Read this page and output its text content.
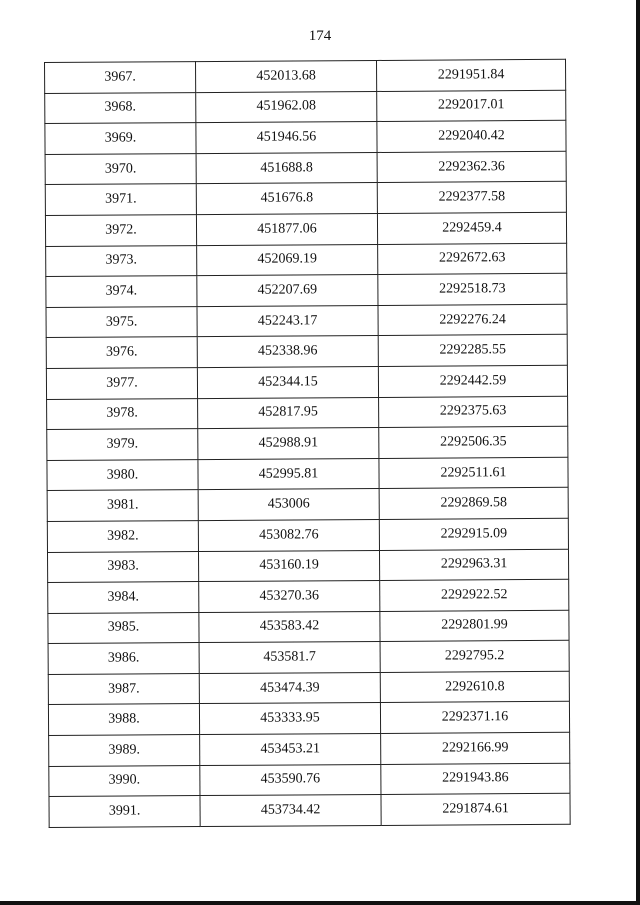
174
3967.	452013.68	2291951.84
3968.	451962.08	2292017.01
3969.	451946.56	2292040.42
3970.	451688.8	2292362.36
3971.	451676.8	2292377.58
3972.	451877.06	2292459.4
3973.	452069.19	2292672.63
3974.	452207.69	2292518.73
3975.	452243.17	2292276.24
3976.	452338.96	2292285.55
3977.	452344.15	2292442.59
3978.	452817.95	2292375.63
3979.	452988.91	2292506.35
3980.	452995.81	2292511.61
3981.	453006	2292869.58
3982.	453082.76	2292915.09
3983.	453160.19	2292963.31
3984.	453270.36	2292922.52
3985.	453583.42	2292801.99
3986.	453581.7	2292795.2
3987.	453474.39	2292610.8
3988.	453333.95	2292371.16
3989.	453453.21	2292166.99
3990.	453590.76	2291943.86
3991.	453734.42	2291874.61
